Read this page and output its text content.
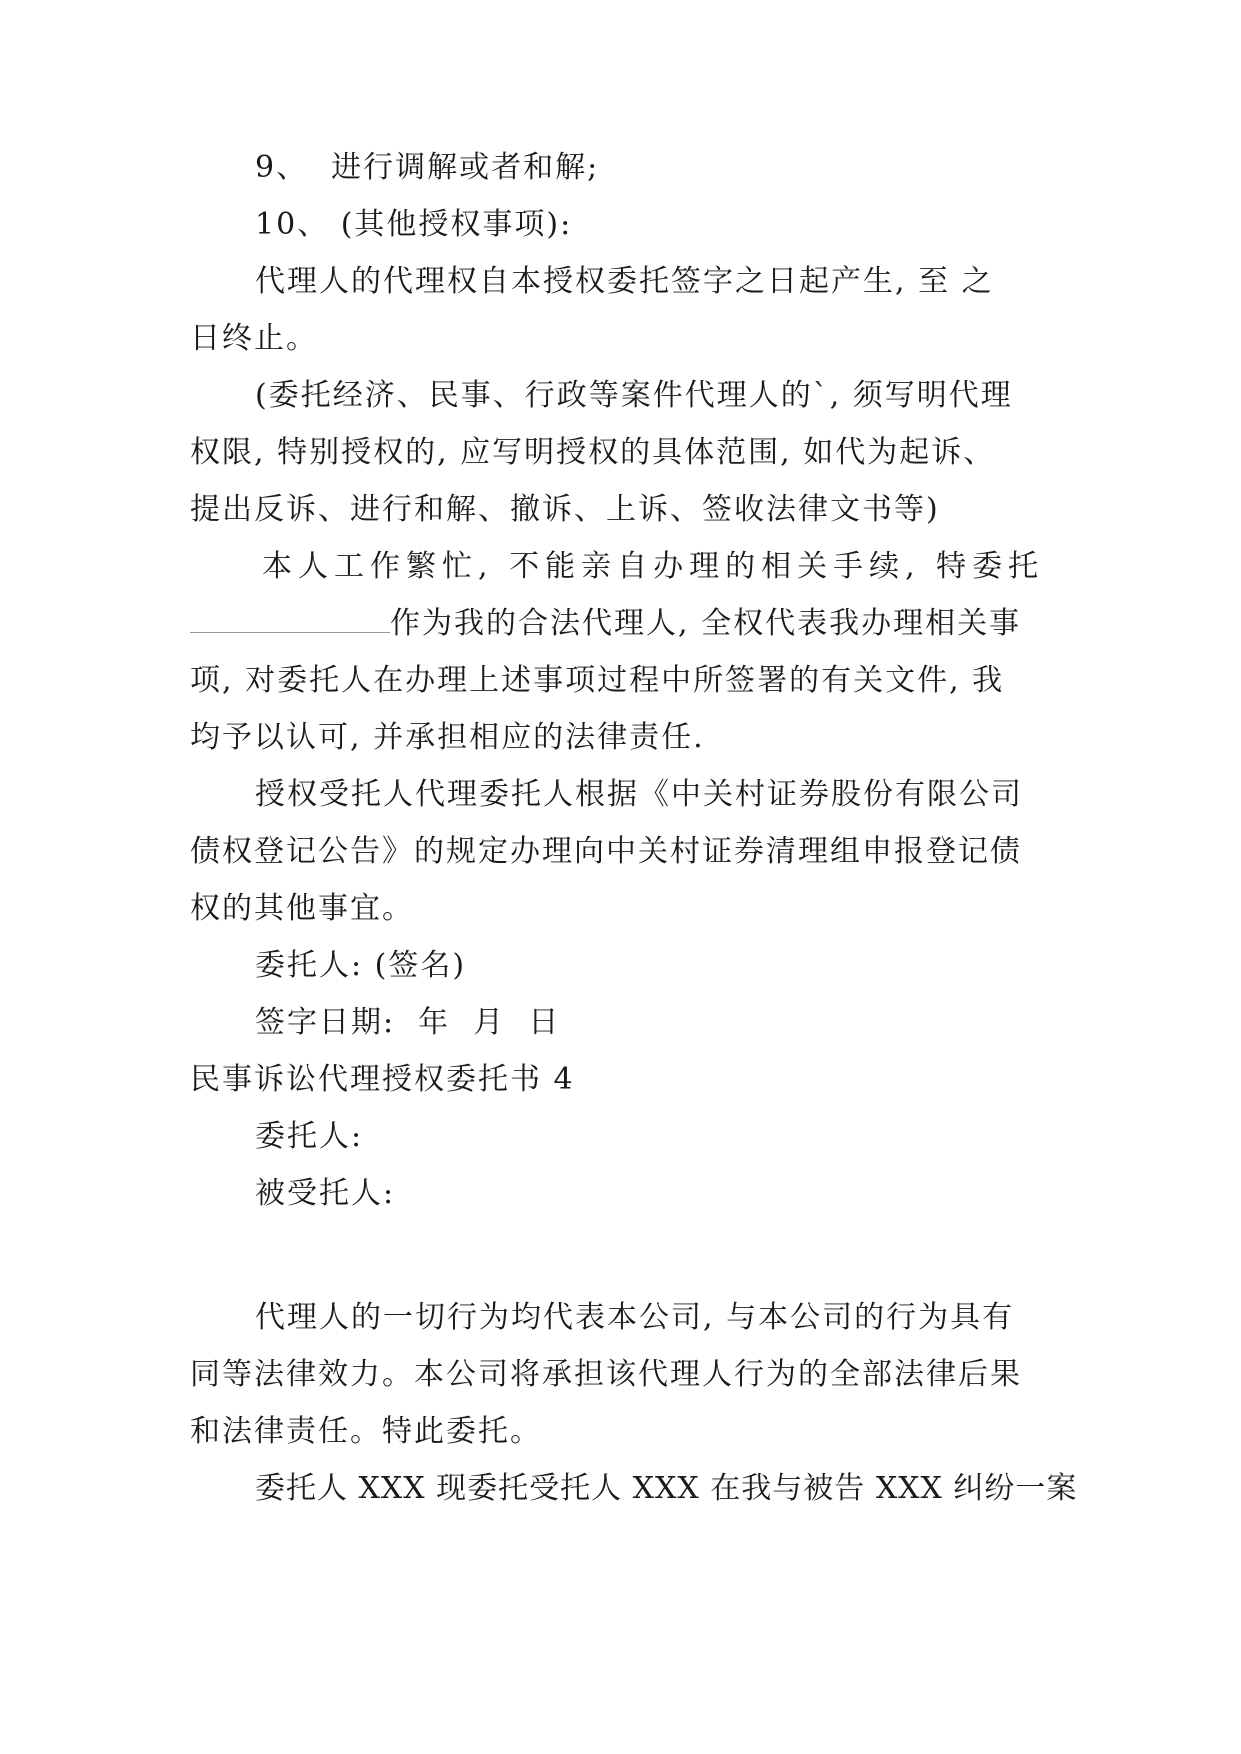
9、  进行调解或者和解;
10、 (其他授权事项):
代理人的代理权自本授权委托签字之日起产生, 至 之
日终止。
(委托经济、民事、行政等案件代理人的`, 须写明代理
权限, 特别授权的, 应写明授权的具体范围, 如代为起诉、
提出反诉、进行和解、撤诉、上诉、签收法律文书等)
本人工作繁忙, 不能亲自办理的相关手续, 特委托
作为我的合法代理人, 全权代表我办理相关事
项, 对委托人在办理上述事项过程中所签署的有关文件, 我
均予以认可, 并承担相应的法律责任.
授权受托人代理委托人根据《中关村证券股份有限公司
债权登记公告》的规定办理向中关村证券清理组申报登记债
权的其他事宜。
委托人: (签名)
签字日期:  年  月  日
民事诉讼代理授权委托书 4
委托人:
被受托人:
代理人的一切行为均代表本公司, 与本公司的行为具有
同等法律效力。本公司将承担该代理人行为的全部法律后果
和法律责任。特此委托。
委托人 XXX 现委托受托人 XXX 在我与被告 XXX 纠纷一案
